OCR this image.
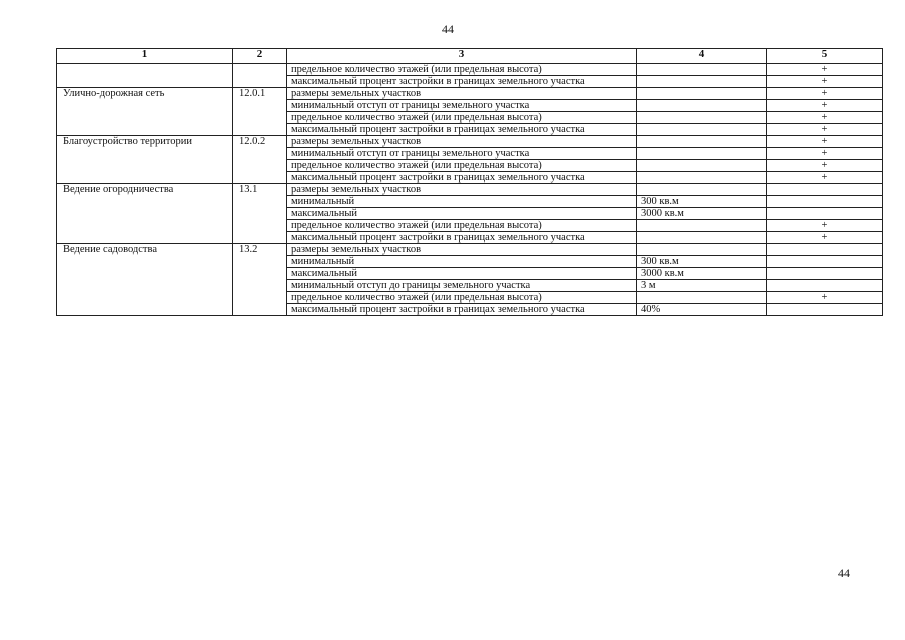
44
1	2	3	4	5
		предельное количество этажей (или предельная высота)		+
		максимальный процент застройки в границах земельного участка		+
Улично-дорожная сеть	12.0.1	размеры земельных участков		+
		минимальный отступ от границы земельного участка		+
		предельное количество этажей (или предельная высота)		+
		максимальный процент застройки в границах земельного участка		+
Благоустройство территории	12.0.2	размеры земельных участков		+
		минимальный отступ от границы земельного участка		+
		предельное количество этажей (или предельная высота)		+
		максимальный процент застройки в границах земельного участка		+
Ведение огородничества	13.1	размеры земельных участков		
		минимальный	300 кв.м	
		максимальный	3000 кв.м	
		предельное количество этажей (или предельная высота)		+
		максимальный процент застройки в границах земельного участка		+
Ведение садоводства	13.2	размеры земельных участков		
		минимальный	300 кв.м	
		максимальный	3000 кв.м	
		минимальный отступ до границы земельного участка	3 м	
		предельное количество этажей (или предельная высота)		+
		максимальный процент застройки в границах земельного участка	40%	
44
